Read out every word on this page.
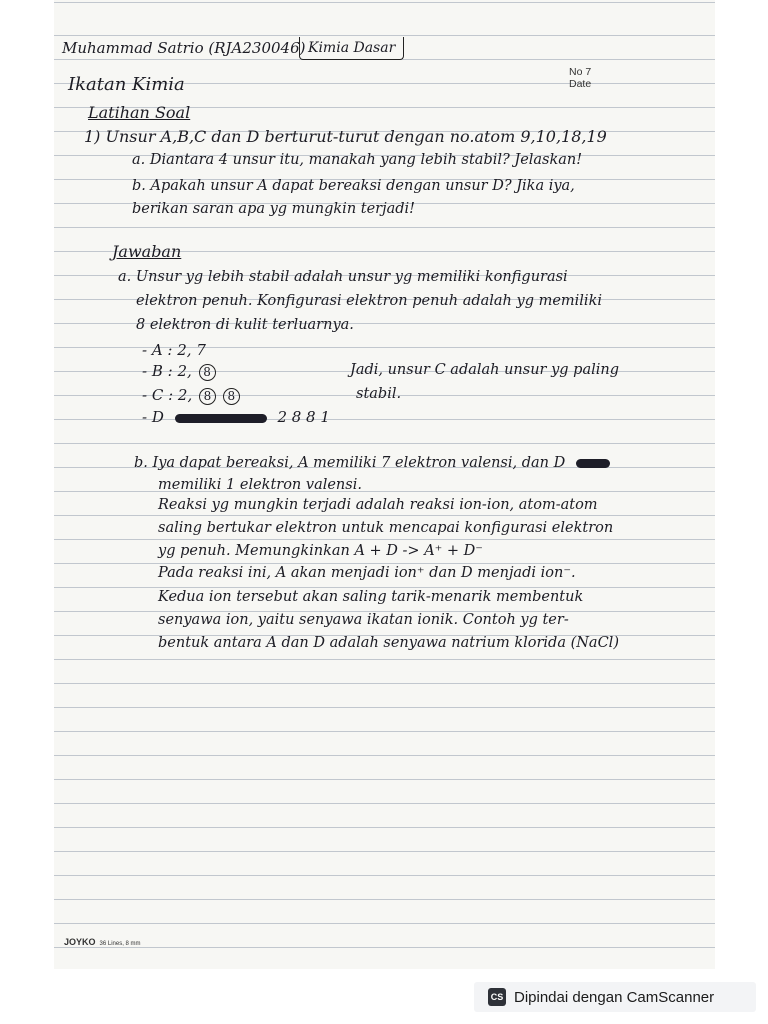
Muhammad Satrio (RJA230046) Kimia Dasar
No 7
Date
Ikatan Kimia
Latihan Soal
1) Unsur A,B,C dan D berturut-turut dengan no.atom 9,10,18,19
a. Diantara 4 unsur itu, manakah yang lebih stabil? Jelaskan!
b. Apakah unsur A dapat bereaksi dengan unsur D? Jika iya,
berikan saran apa yg mungkin terjadi!
Jawaban
a. Unsur yg lebih stabil adalah unsur yg memiliki konfigurasi
elektron penuh. Konfigurasi elektron penuh adalah yg memiliki
8 elektron di kulit terluarnya.
- A : 2, 7
- B : 2, 8
- C : 2, 8 8
- D	2 8 8 1
Jadi, unsur C adalah unsur yg paling
stabil.
b. Iya dapat bereaksi, A memiliki 7 elektron valensi, dan D
memiliki 1 elektron valensi.
Reaksi yg mungkin terjadi adalah reaksi ion-ion, atom-atom
saling bertukar elektron untuk mencapai konfigurasi elektron
yg penuh. Memungkinkan A + D -> A⁺ + D⁻
Pada reaksi ini, A akan menjadi ion⁺ dan D menjadi ion⁻.
Kedua ion tersebut akan saling tarik-menarik membentuk
senyawa ion, yaitu senyawa ikatan ionik. Contoh yg ter-
bentuk antara A dan D adalah senyawa natrium klorida (NaCl)
JOYKO 36 Lines, 8 mm
CS Dipindai dengan CamScanner
